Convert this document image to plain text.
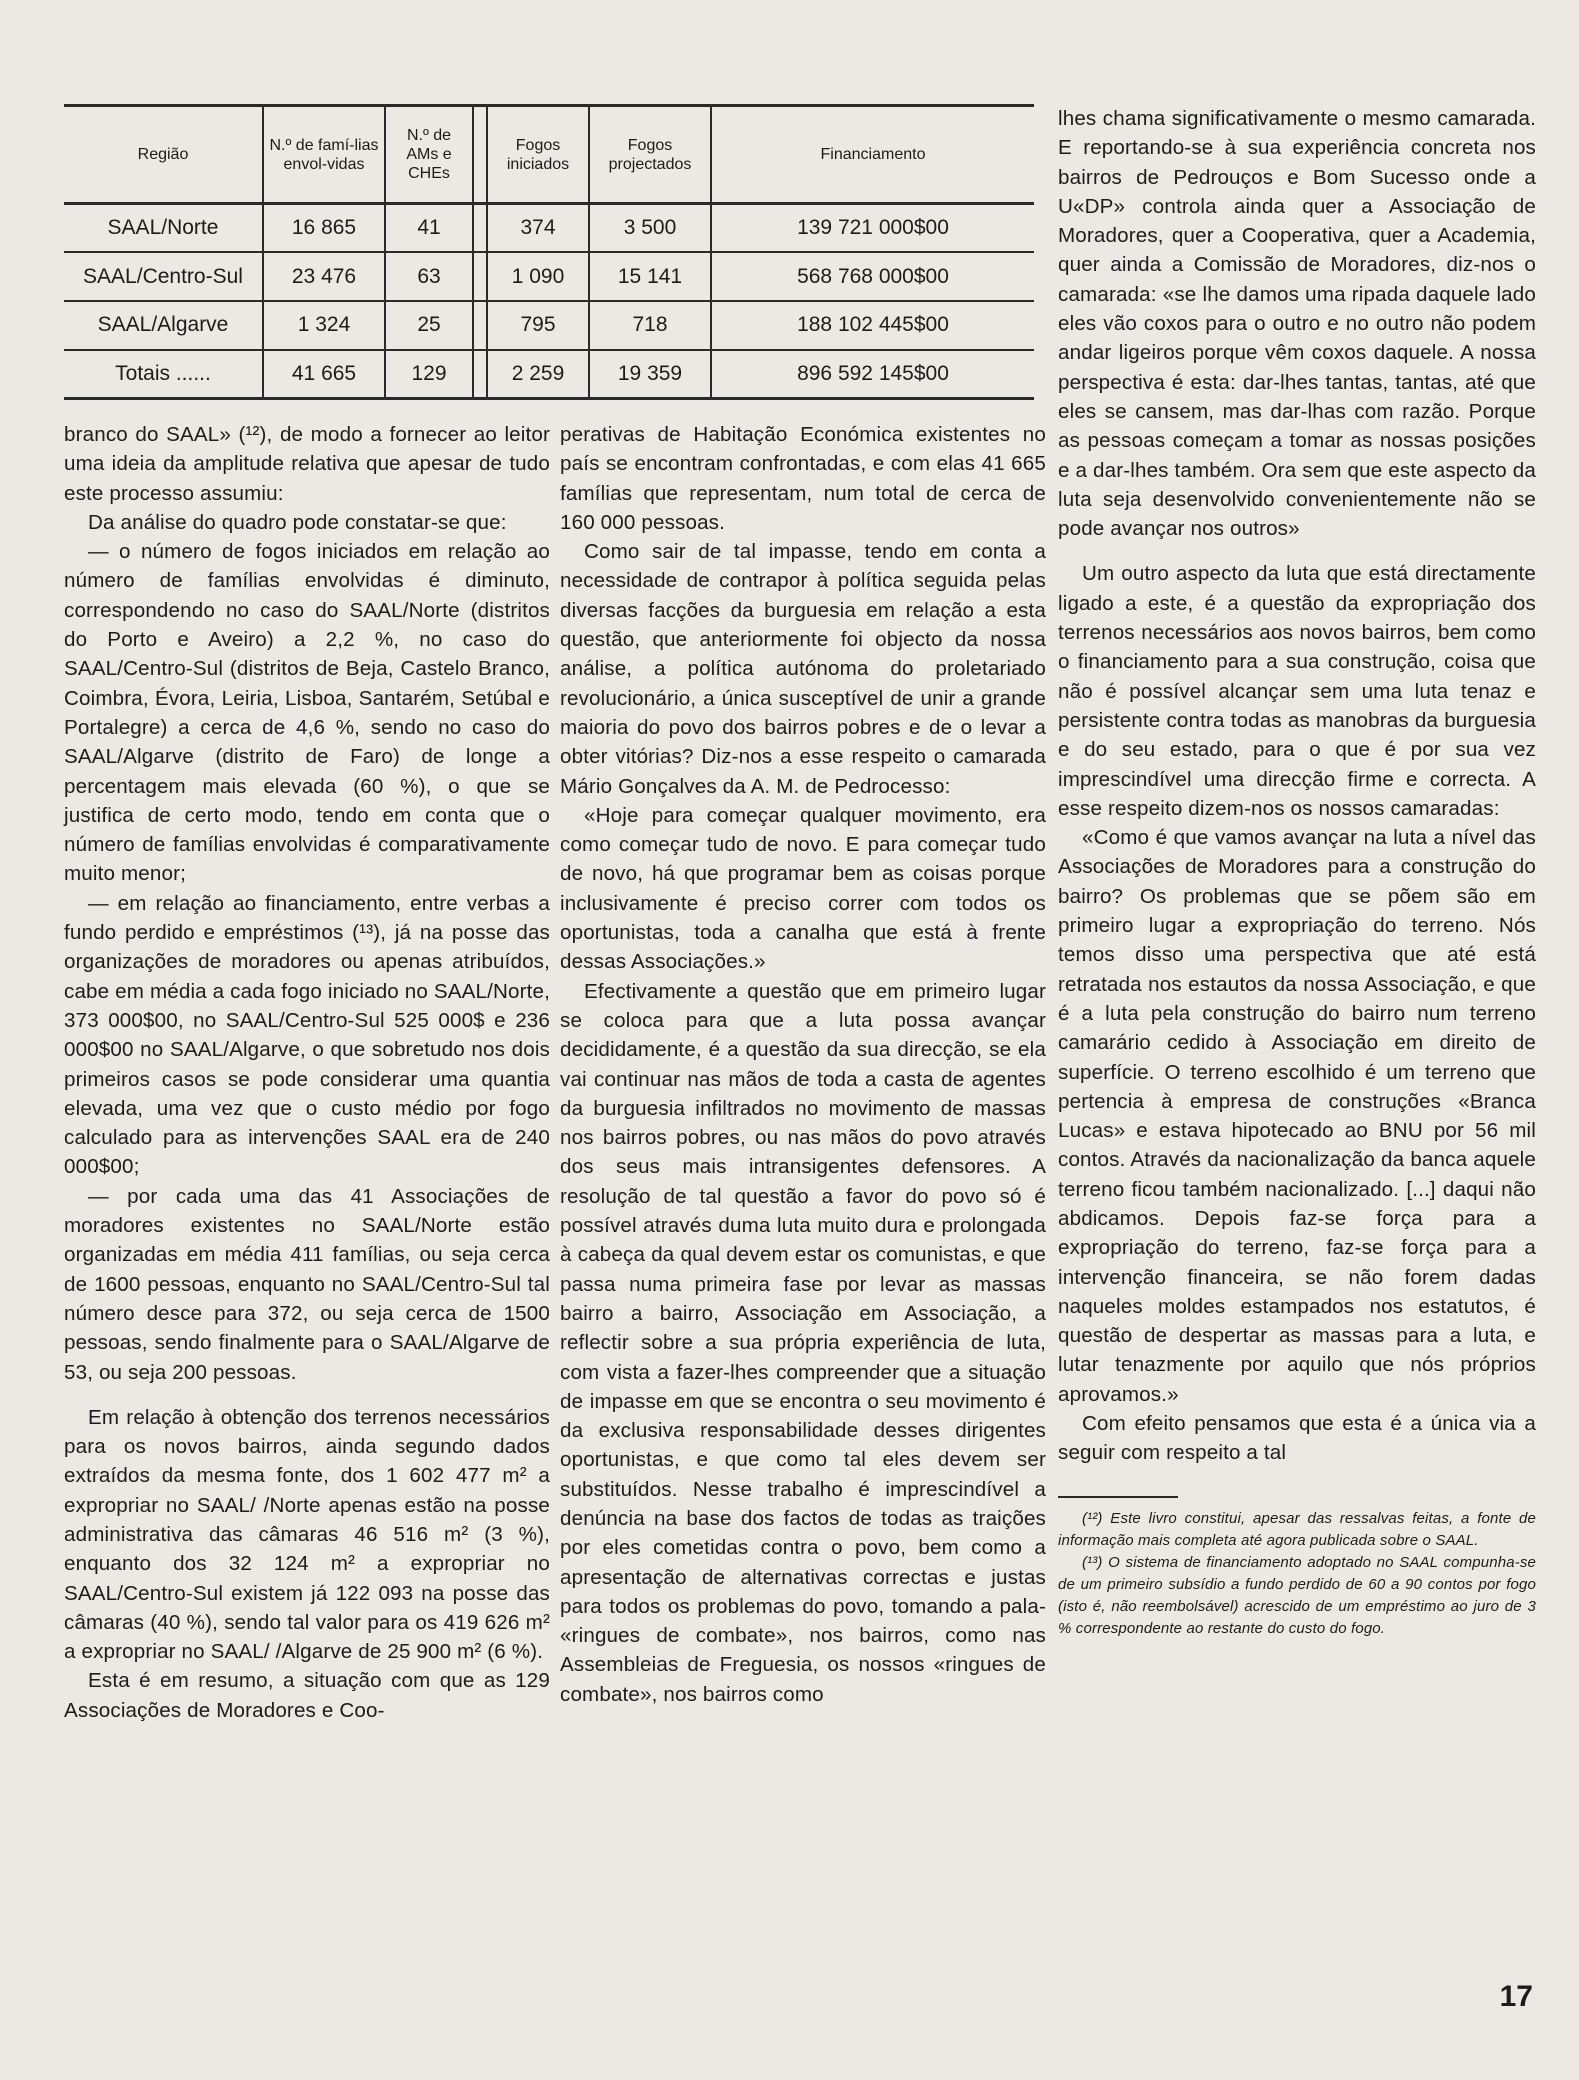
Região	N.º de famí-lias envol-vidas	N.º de AMs e CHEs		Fogos iniciados	Fogos projectados	Financiamento
SAAL/Norte	16 865	41		374	3 500	139 721 000$00
SAAL/Centro-Sul	23 476	63		1 090	15 141	568 768 000$00
SAAL/Algarve	1 324	25		795	718	188 102 445$00
Totais ......	41 665	129		2 259	19 359	896 592 145$00

branco do SAAL» (¹²), de modo a fornecer ao leitor uma ideia da amplitude relativa que apesar de tudo este processo assumiu:

Da análise do quadro pode constatar-se que:

— o número de fogos iniciados em relação ao número de famílias envolvidas é diminuto, correspondendo no caso do SAAL/Norte (distritos do Porto e Aveiro) a 2,2 %, no caso do SAAL/Centro-Sul (distritos de Beja, Castelo Branco, Coimbra, Évora, Leiria, Lisboa, Santarém, Setúbal e Portalegre) a cerca de 4,6 %, sendo no caso do SAAL/Algarve (distrito de Faro) de longe a percentagem mais elevada (60 %), o que se justifica de certo modo, tendo em conta que o número de famílias envolvidas é comparativamente muito menor;

— em relação ao financiamento, entre verbas a fundo perdido e empréstimos (¹³), já na posse das organizações de moradores ou apenas atribuídos, cabe em média a cada fogo iniciado no SAAL/Norte, 373 000$00, no SAAL/Centro-Sul 525 000$ e 236 000$00 no SAAL/Algarve, o que sobretudo nos dois primeiros casos se pode considerar uma quantia elevada, uma vez que o custo médio por fogo calculado para as intervenções SAAL era de 240 000$00;

— por cada uma das 41 Associações de moradores existentes no SAAL/Norte estão organizadas em média 411 famílias, ou seja cerca de 1600 pessoas, enquanto no SAAL/Centro-Sul tal número desce para 372, ou seja cerca de 1500 pessoas, sendo finalmente para o SAAL/Algarve de 53, ou seja 200 pessoas.

Em relação à obtenção dos terrenos necessários para os novos bairros, ainda segundo dados extraídos da mesma fonte, dos 1 602 477 m² a expropriar no SAAL/ /Norte apenas estão na posse administrativa das câmaras 46 516 m² (3 %), enquanto dos 32 124 m² a expropriar no SAAL/Centro-Sul existem já 122 093 na posse das câmaras (40 %), sendo tal valor para os 419 626 m² a expropriar no SAAL/ /Algarve de 25 900 m² (6 %).

Esta é em resumo, a situação com que as 129 Associações de Moradores e Coo-

perativas de Habitação Económica existentes no país se encontram confrontadas, e com elas 41 665 famílias que representam, num total de cerca de 160 000 pessoas.

Como sair de tal impasse, tendo em conta a necessidade de contrapor à política seguida pelas diversas facções da burguesia em relação a esta questão, que anteriormente foi objecto da nossa análise, a política autónoma do proletariado revolucionário, a única susceptível de unir a grande maioria do povo dos bairros pobres e de o levar a obter vitórias? Diz-nos a esse respeito o camarada Mário Gonçalves da A. M. de Pedrocesso:

«Hoje para começar qualquer movimento, era como começar tudo de novo. E para começar tudo de novo, há que programar bem as coisas porque inclusivamente é preciso correr com todos os oportunistas, toda a canalha que está à frente dessas Associações.»

Efectivamente a questão que em primeiro lugar se coloca para que a luta possa avançar decididamente, é a questão da sua direcção, se ela vai continuar nas mãos de toda a casta de agentes da burguesia infiltrados no movimento de massas nos bairros pobres, ou nas mãos do povo através dos seus mais intransigentes defensores. A resolução de tal questão a favor do povo só é possível através duma luta muito dura e prolongada à cabeça da qual devem estar os comunistas, e que passa numa primeira fase por levar as massas bairro a bairro, Associação em Associação, a reflectir sobre a sua própria experiência de luta, com vista a fazer-lhes compreender que a situação de impasse em que se encontra o seu movimento é da exclusiva responsabilidade desses dirigentes oportunistas, e que como tal eles devem ser substituídos. Nesse trabalho é imprescindível a denúncia na base dos factos de todas as traições por eles cometidas contra o povo, bem como a apresentação de alternativas correctas e justas para todos os problemas do povo, tomando a pala- «ringues de combate», nos bairros, como nas Assembleias de Freguesia, os nossos «ringues de combate», nos bairros como

lhes chama significativamente o mesmo camarada. E reportando-se à sua experiência concreta nos bairros de Pedrouços e Bom Sucesso onde a U«DP» controla ainda quer a Associação de Moradores, quer a Cooperativa, quer a Academia, quer ainda a Comissão de Moradores, diz-nos o camarada: «se lhe damos uma ripada daquele lado eles vão coxos para o outro e no outro não podem andar ligeiros porque vêm coxos daquele. A nossa perspectiva é esta: dar-lhes tantas, tantas, até que eles se cansem, mas dar-lhas com razão. Porque as pessoas começam a tomar as nossas posições e a dar-lhes também. Ora sem que este aspecto da luta seja desenvolvido convenientemente não se pode avançar nos outros»

Um outro aspecto da luta que está directamente ligado a este, é a questão da expropriação dos terrenos necessários aos novos bairros, bem como o financiamento para a sua construção, coisa que não é possível alcançar sem uma luta tenaz e persistente contra todas as manobras da burguesia e do seu estado, para o que é por sua vez imprescindível uma direcção firme e correcta. A esse respeito dizem-nos os nossos camaradas:

«Como é que vamos avançar na luta a nível das Associações de Moradores para a construção do bairro? Os problemas que se põem são em primeiro lugar a expropriação do terreno. Nós temos disso uma perspectiva que até está retratada nos estautos da nossa Associação, e que é a luta pela construção do bairro num terreno camarário cedido à Associação em direito de superfície. O terreno escolhido é um terreno que pertencia à empresa de construções «Branca Lucas» e estava hipotecado ao BNU por 56 mil contos. Através da nacionalização da banca aquele terreno ficou também nacionalizado. [...] daqui não abdicamos. Depois faz-se força para a expropriação do terreno, faz-se força para a intervenção financeira, se não forem dadas naqueles moldes estampados nos estatutos, é questão de despertar as massas para a luta, e lutar tenazmente por aquilo que nós próprios aprovamos.»

Com efeito pensamos que esta é a única via a seguir com respeito a tal

(¹²) Este livro constitui, apesar das ressalvas feitas, a fonte de informação mais completa até agora publicada sobre o SAAL.

(¹³) O sistema de financiamento adoptado no SAAL compunha-se de um primeiro subsídio a fundo perdido de 60 a 90 contos por fogo (isto é, não reembolsável) acrescido de um empréstimo ao juro de 3 % correspondente ao restante do custo do fogo.

17
